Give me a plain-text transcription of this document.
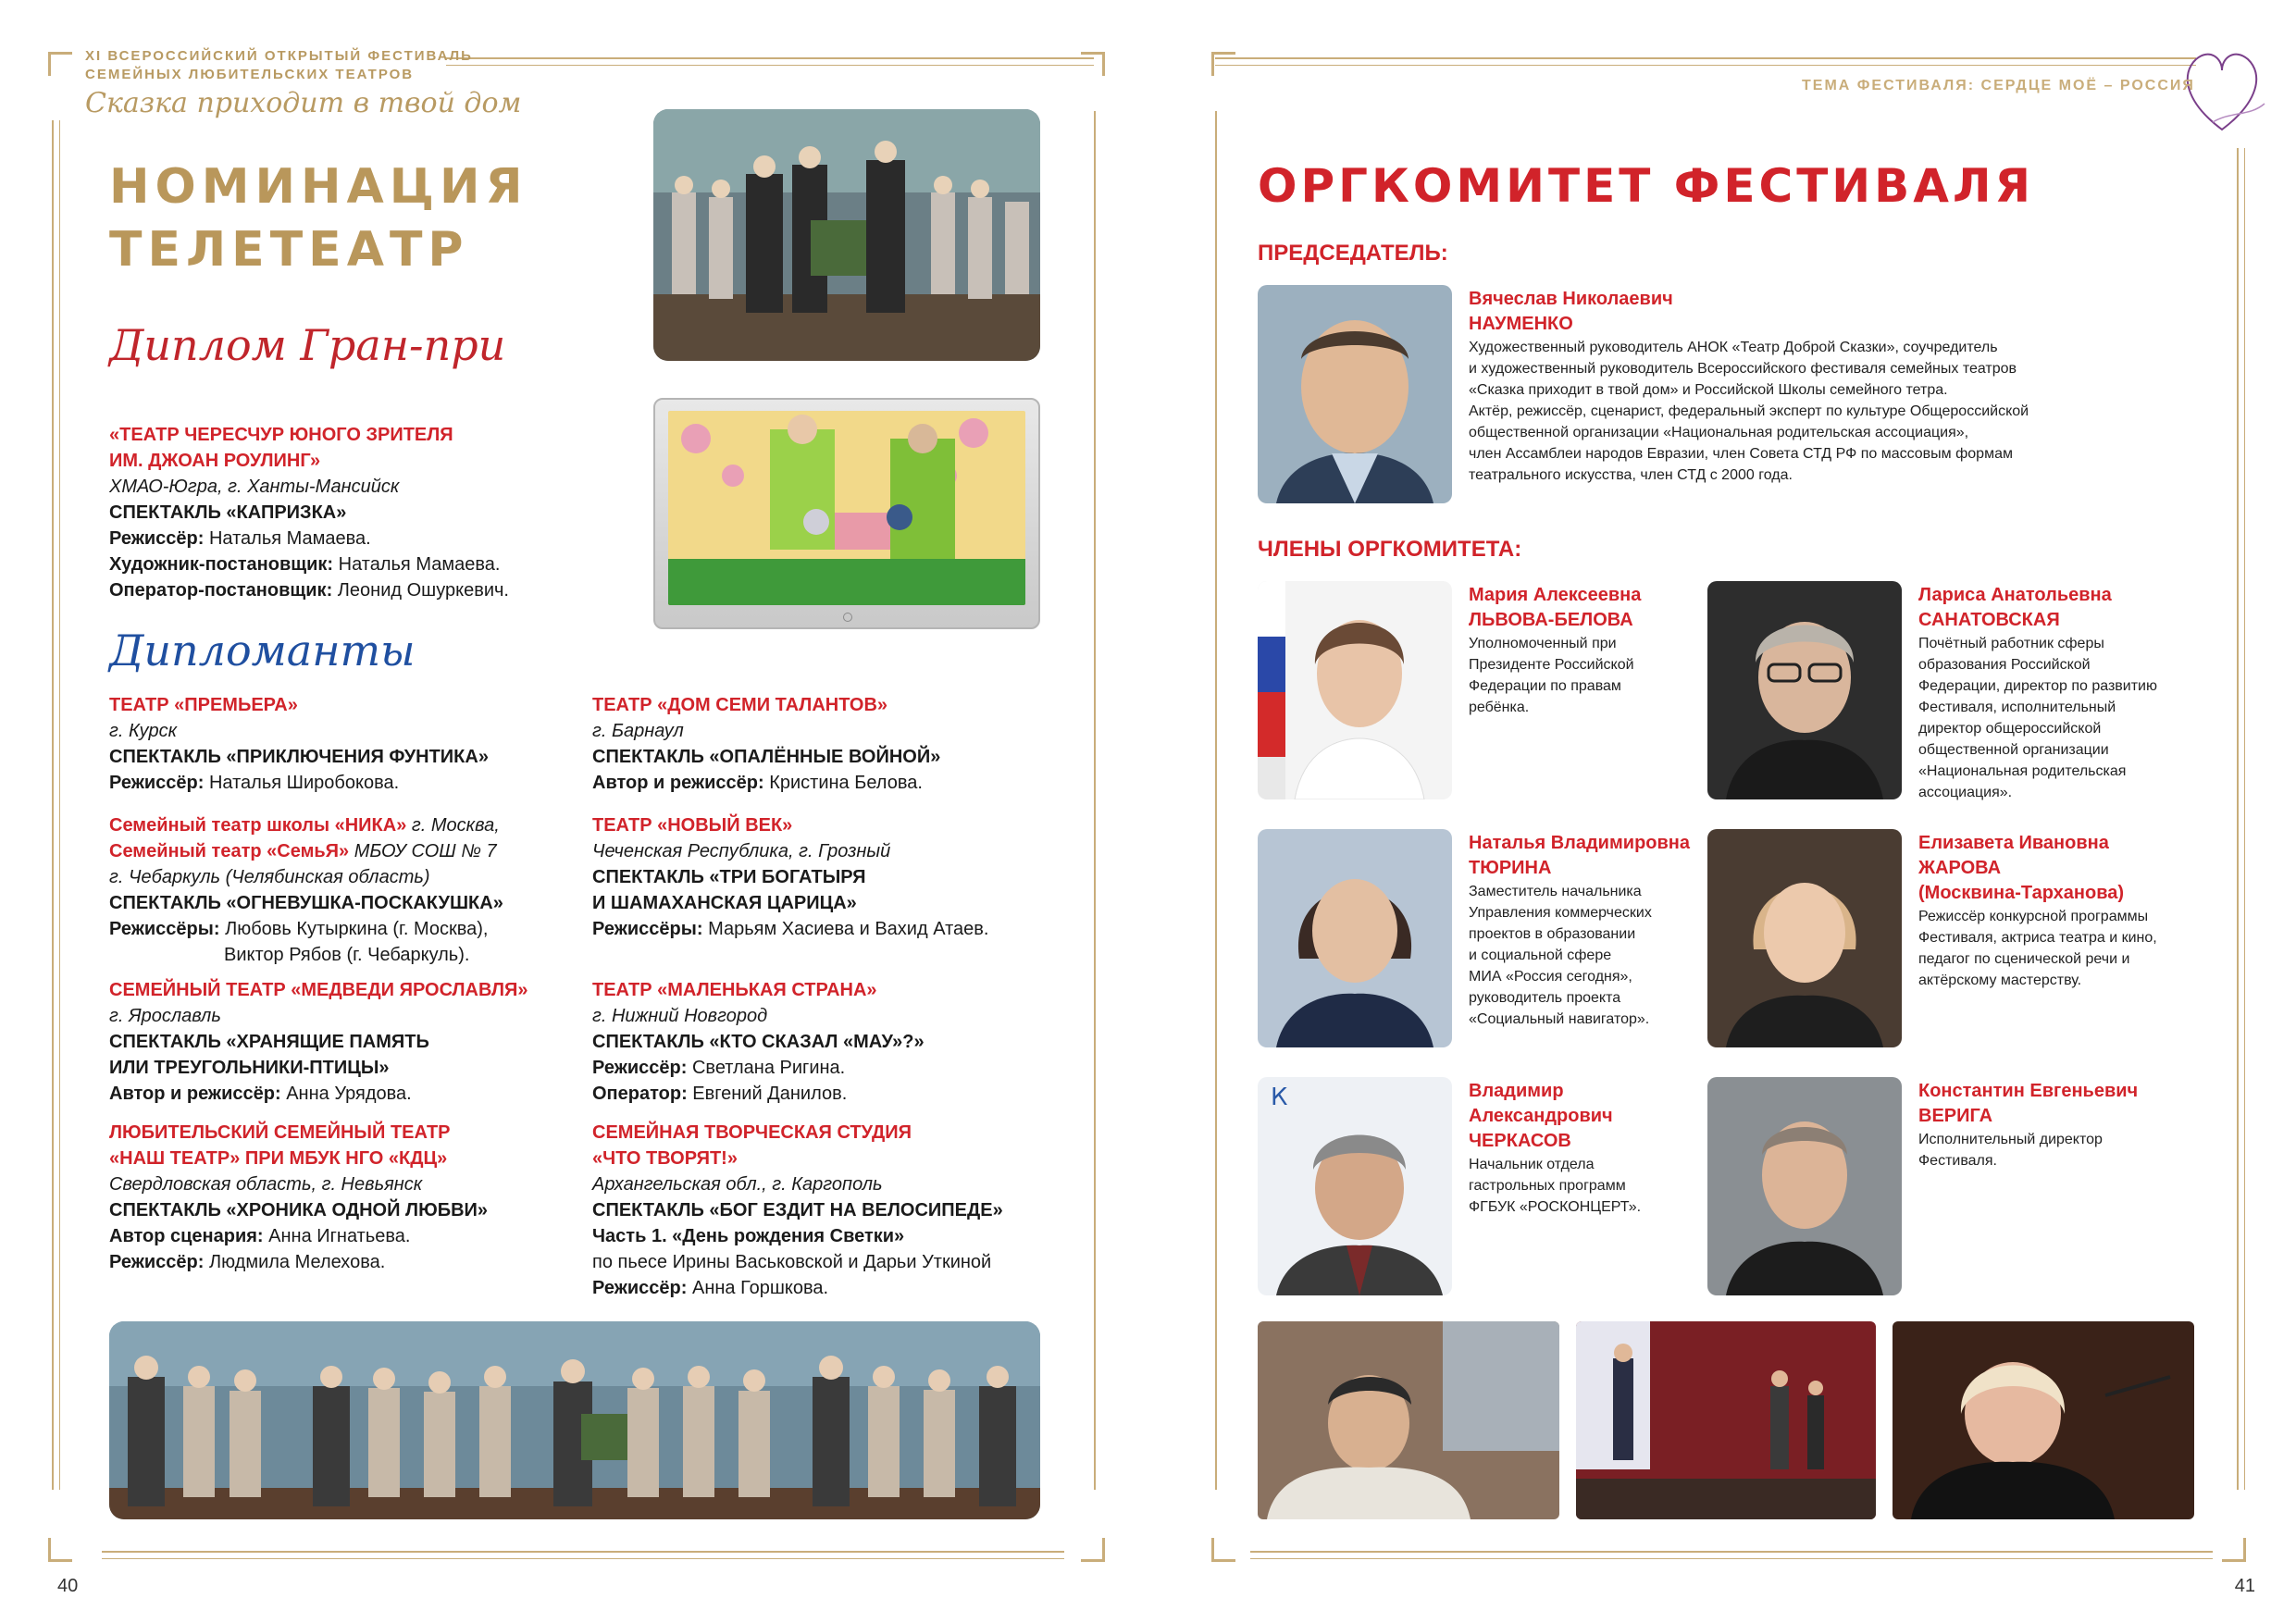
XI ВСЕРОССИЙСКИЙ ОТКРЫТЫЙ ФЕСТИВАЛЬ
СЕМЕЙНЫХ ЛЮБИТЕЛЬСКИХ ТЕАТРОВ
Сказка приходит в твой дом
НОМИНАЦИЯ
ТЕЛЕТЕАТР
Диплом Гран-при
«ТЕАТР ЧЕРЕСЧУР ЮНОГО ЗРИТЕЛЯ
ИМ. ДЖОАН РОУЛИНГ»
ХМАО-Югра, г. Ханты-Мансийск
СПЕКТАКЛЬ «КАПРИЗКА»
Режиссёр: Наталья Мамаева.
Художник-постановщик: Наталья Мамаева.
Оператор-постановщик: Леонид Ошуркевич.
Дипломанты
ТЕАТР «ПРЕМЬЕРА»
г. Курск
СПЕКТАКЛЬ «ПРИКЛЮЧЕНИЯ ФУНТИКА»
Режиссёр: Наталья Широбокова.
Семейный театр школы «НИКА» г. Москва,
Семейный театр «СемьЯ» МБОУ СОШ № 7
г. Чебаркуль (Челябинская область)
СПЕКТАКЛЬ «ОГНЕВУШКА-ПОСКАКУШКА»
Режиссёры: Любовь Кутыркина (г. Москва),
Виктор Рябов (г. Чебаркуль).
СЕМЕЙНЫЙ ТЕАТР «МЕДВЕДИ ЯРОСЛАВЛЯ»
г. Ярославль
СПЕКТАКЛЬ «ХРАНЯЩИЕ ПАМЯТЬ
ИЛИ ТРЕУГОЛЬНИКИ-ПТИЦЫ»
Автор и режиссёр: Анна Урядова.
ЛЮБИТЕЛЬСКИЙ СЕМЕЙНЫЙ ТЕАТР
«НАШ ТЕАТР» ПРИ МБУК НГО «КДЦ»
Свердловская область, г. Невьянск
СПЕКТАКЛЬ «ХРОНИКА ОДНОЙ ЛЮБВИ»
Автор сценария: Анна Игнатьева.
Режиссёр: Людмила Мелехова.
ТЕАТР «ДОМ СЕМИ ТАЛАНТОВ»
г. Барнаул
СПЕКТАКЛЬ «ОПАЛЁННЫЕ ВОЙНОЙ»
Автор и режиссёр: Кристина Белова.
ТЕАТР «НОВЫЙ ВЕК»
Чеченская Республика, г. Грозный
СПЕКТАКЛЬ «ТРИ БОГАТЫРЯ
И ШАМАХАНСКАЯ ЦАРИЦА»
Режиссёры: Марьям Хасиева и Вахид Атаев.
ТЕАТР «МАЛЕНЬКАЯ СТРАНА»
г. Нижний Новгород
СПЕКТАКЛЬ «КТО СКАЗАЛ «МАУ»?»
Режиссёр: Светлана Ригина.
Оператор: Евгений Данилов.
СЕМЕЙНАЯ ТВОРЧЕСКАЯ СТУДИЯ
«ЧТО ТВОРЯТ!»
Архангельская обл., г. Каргополь
СПЕКТАКЛЬ «БОГ ЕЗДИТ НА ВЕЛОСИПЕДЕ»
Часть 1. «День рождения Светки»
по пьесе Ирины Васьковской и Дарьи Уткиной
Режиссёр: Анна Горшкова.
40
ТЕМА ФЕСТИВАЛЯ: СЕРДЦЕ МОЁ – РОССИЯ
ОРГКОМИТЕТ ФЕСТИВАЛЯ
ПРЕДСЕДАТЕЛЬ:
Вячеслав Николаевич
НАУМЕНКО
Художественный руководитель АНОК «Театр Доброй Сказки», соучредитель
и художественный руководитель Всероссийского фестиваля семейных театров
«Сказка приходит в твой дом» и Российской Школы семейного тетра.
Актёр, режиссёр, сценарист, федеральный эксперт по культуре Общероссийской
общественной организации «Национальная родительская ассоциация»,
член Ассамблеи народов Евразии, член Совета СТД РФ по массовым формам
театрального искусства, член СТД с 2000 года.
ЧЛЕНЫ ОРГКОМИТЕТА:
Мария Алексеевна
ЛЬВОВА-БЕЛОВА
Уполномоченный при
Президенте Российской
Федерации по правам
ребёнка.
Лариса Анатольевна
САНАТОВСКАЯ
Почётный работник сферы
образования Российской
Федерации, директор по развитию
Фестиваля, исполнительный
директор общероссийской
общественной организации
«Национальная родительская
ассоциация».
Наталья Владимировна
ТЮРИНА
Заместитель начальника
Управления коммерческих
проектов в образовании
и социальной сфере
МИА «Россия сегодня»,
руководитель проекта
«Социальный навигатор».
Елизавета Ивановна
ЖАРОВА
(Москвина-Тарханова)
Режиссёр конкурсной программы
Фестиваля, актриса театра и кино,
педагог по сценической речи и
актёрскому мастерству.
К	Владимир
Александрович
ЧЕРКАСОВ
Начальник отдела
гастрольных программ
ФГБУК «РОСКОНЦЕРТ».
Константин Евгеньевич
ВЕРИГА
Исполнительный директор
Фестиваля.
41
